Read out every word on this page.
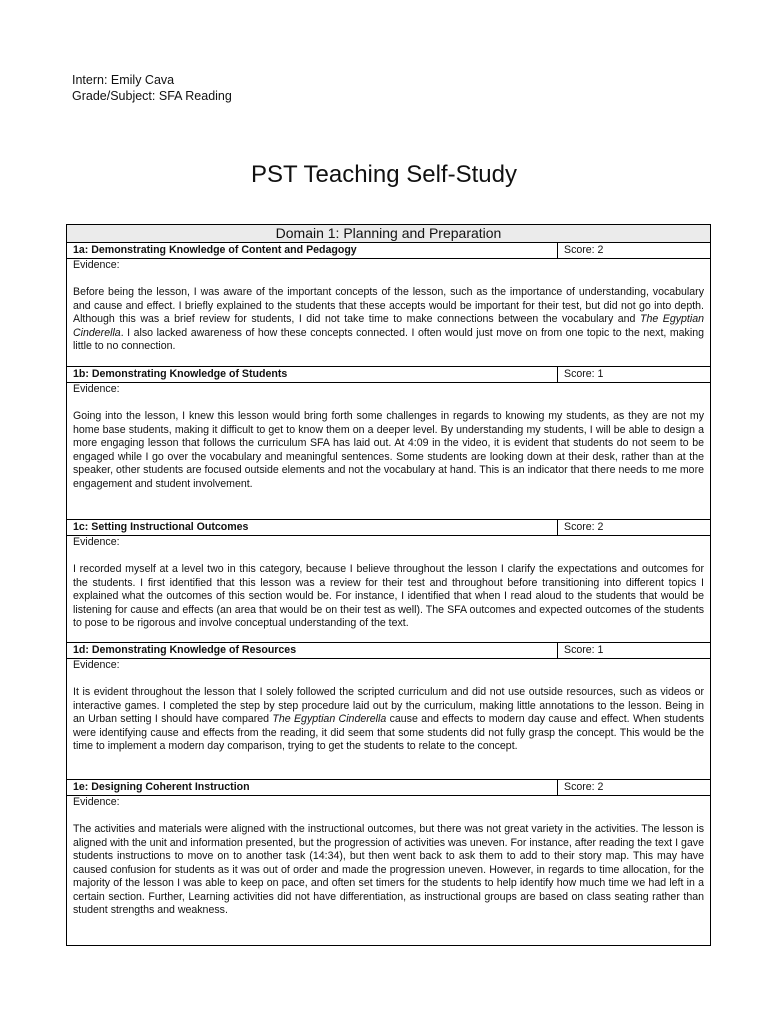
Intern: Emily Cava
Grade/Subject: SFA Reading
PST Teaching Self-Study
Domain 1: Planning and Preparation
1a: Demonstrating Knowledge of Content and Pedagogy	Score: 2

Evidence:

Before being the lesson, I was aware of the important concepts of the lesson, such as the importance of understanding, vocabulary and cause and effect. I briefly explained to the students that these accepts would be important for their test, but did not go into depth. Although this was a brief review for students, I did not take time to make connections between the vocabulary and The Egyptian Cinderella. I also lacked awareness of how these concepts connected. I often would just move on from one topic to the next, making little to no connection.

1b: Demonstrating Knowledge of Students	Score: 1

Evidence:

Going into the lesson, I knew this lesson would bring forth some challenges in regards to knowing my students, as they are not my home base students, making it difficult to get to know them on a deeper level. By understanding my students, I will be able to design a more engaging lesson that follows the curriculum SFA has laid out. At 4:09 in the video, it is evident that students do not seem to be engaged while I go over the vocabulary and meaningful sentences. Some students are looking down at their desk, rather than at the speaker, other students are focused outside elements and not the vocabulary at hand. This is an indicator that there needs to me more engagement and student involvement.

1c: Setting Instructional Outcomes	Score: 2

Evidence:

I recorded myself at a level two in this category, because I believe throughout the lesson I clarify the expectations and outcomes for the students. I first identified that this lesson was a review for their test and throughout before transitioning into different topics I explained what the outcomes of this section would be. For instance, I identified that when I read aloud to the students that would be listening for cause and effects (an area that would be on their test as well). The SFA outcomes and expected outcomes of the students to pose to be rigorous and involve conceptual understanding of the text.

1d: Demonstrating Knowledge of Resources	Score: 1

Evidence:

It is evident throughout the lesson that I solely followed the scripted curriculum and did not use outside resources, such as videos or interactive games. I completed the step by step procedure laid out by the curriculum, making little annotations to the lesson. Being in an Urban setting I should have compared The Egyptian Cinderella cause and effects to modern day cause and effect. When students were identifying cause and effects from the reading, it did seem that some students did not fully grasp the concept. This would be the time to implement a modern day comparison, trying to get the students to relate to the concept.

1e: Designing Coherent Instruction	Score: 2

Evidence:

The activities and materials were aligned with the instructional outcomes, but there was not great variety in the activities. The lesson is aligned with the unit and information presented, but the progression of activities was uneven. For instance, after reading the text I gave students instructions to move on to another task (14:34), but then went back to ask them to add to their story map. This may have caused confusion for students as it was out of order and made the progression uneven. However, in regards to time allocation, for the majority of the lesson I was able to keep on pace, and often set timers for the students to help identify how much time we had left in a certain section. Further, Learning activities did not have differentiation, as instructional groups are based on class seating rather than student strengths and weakness.
